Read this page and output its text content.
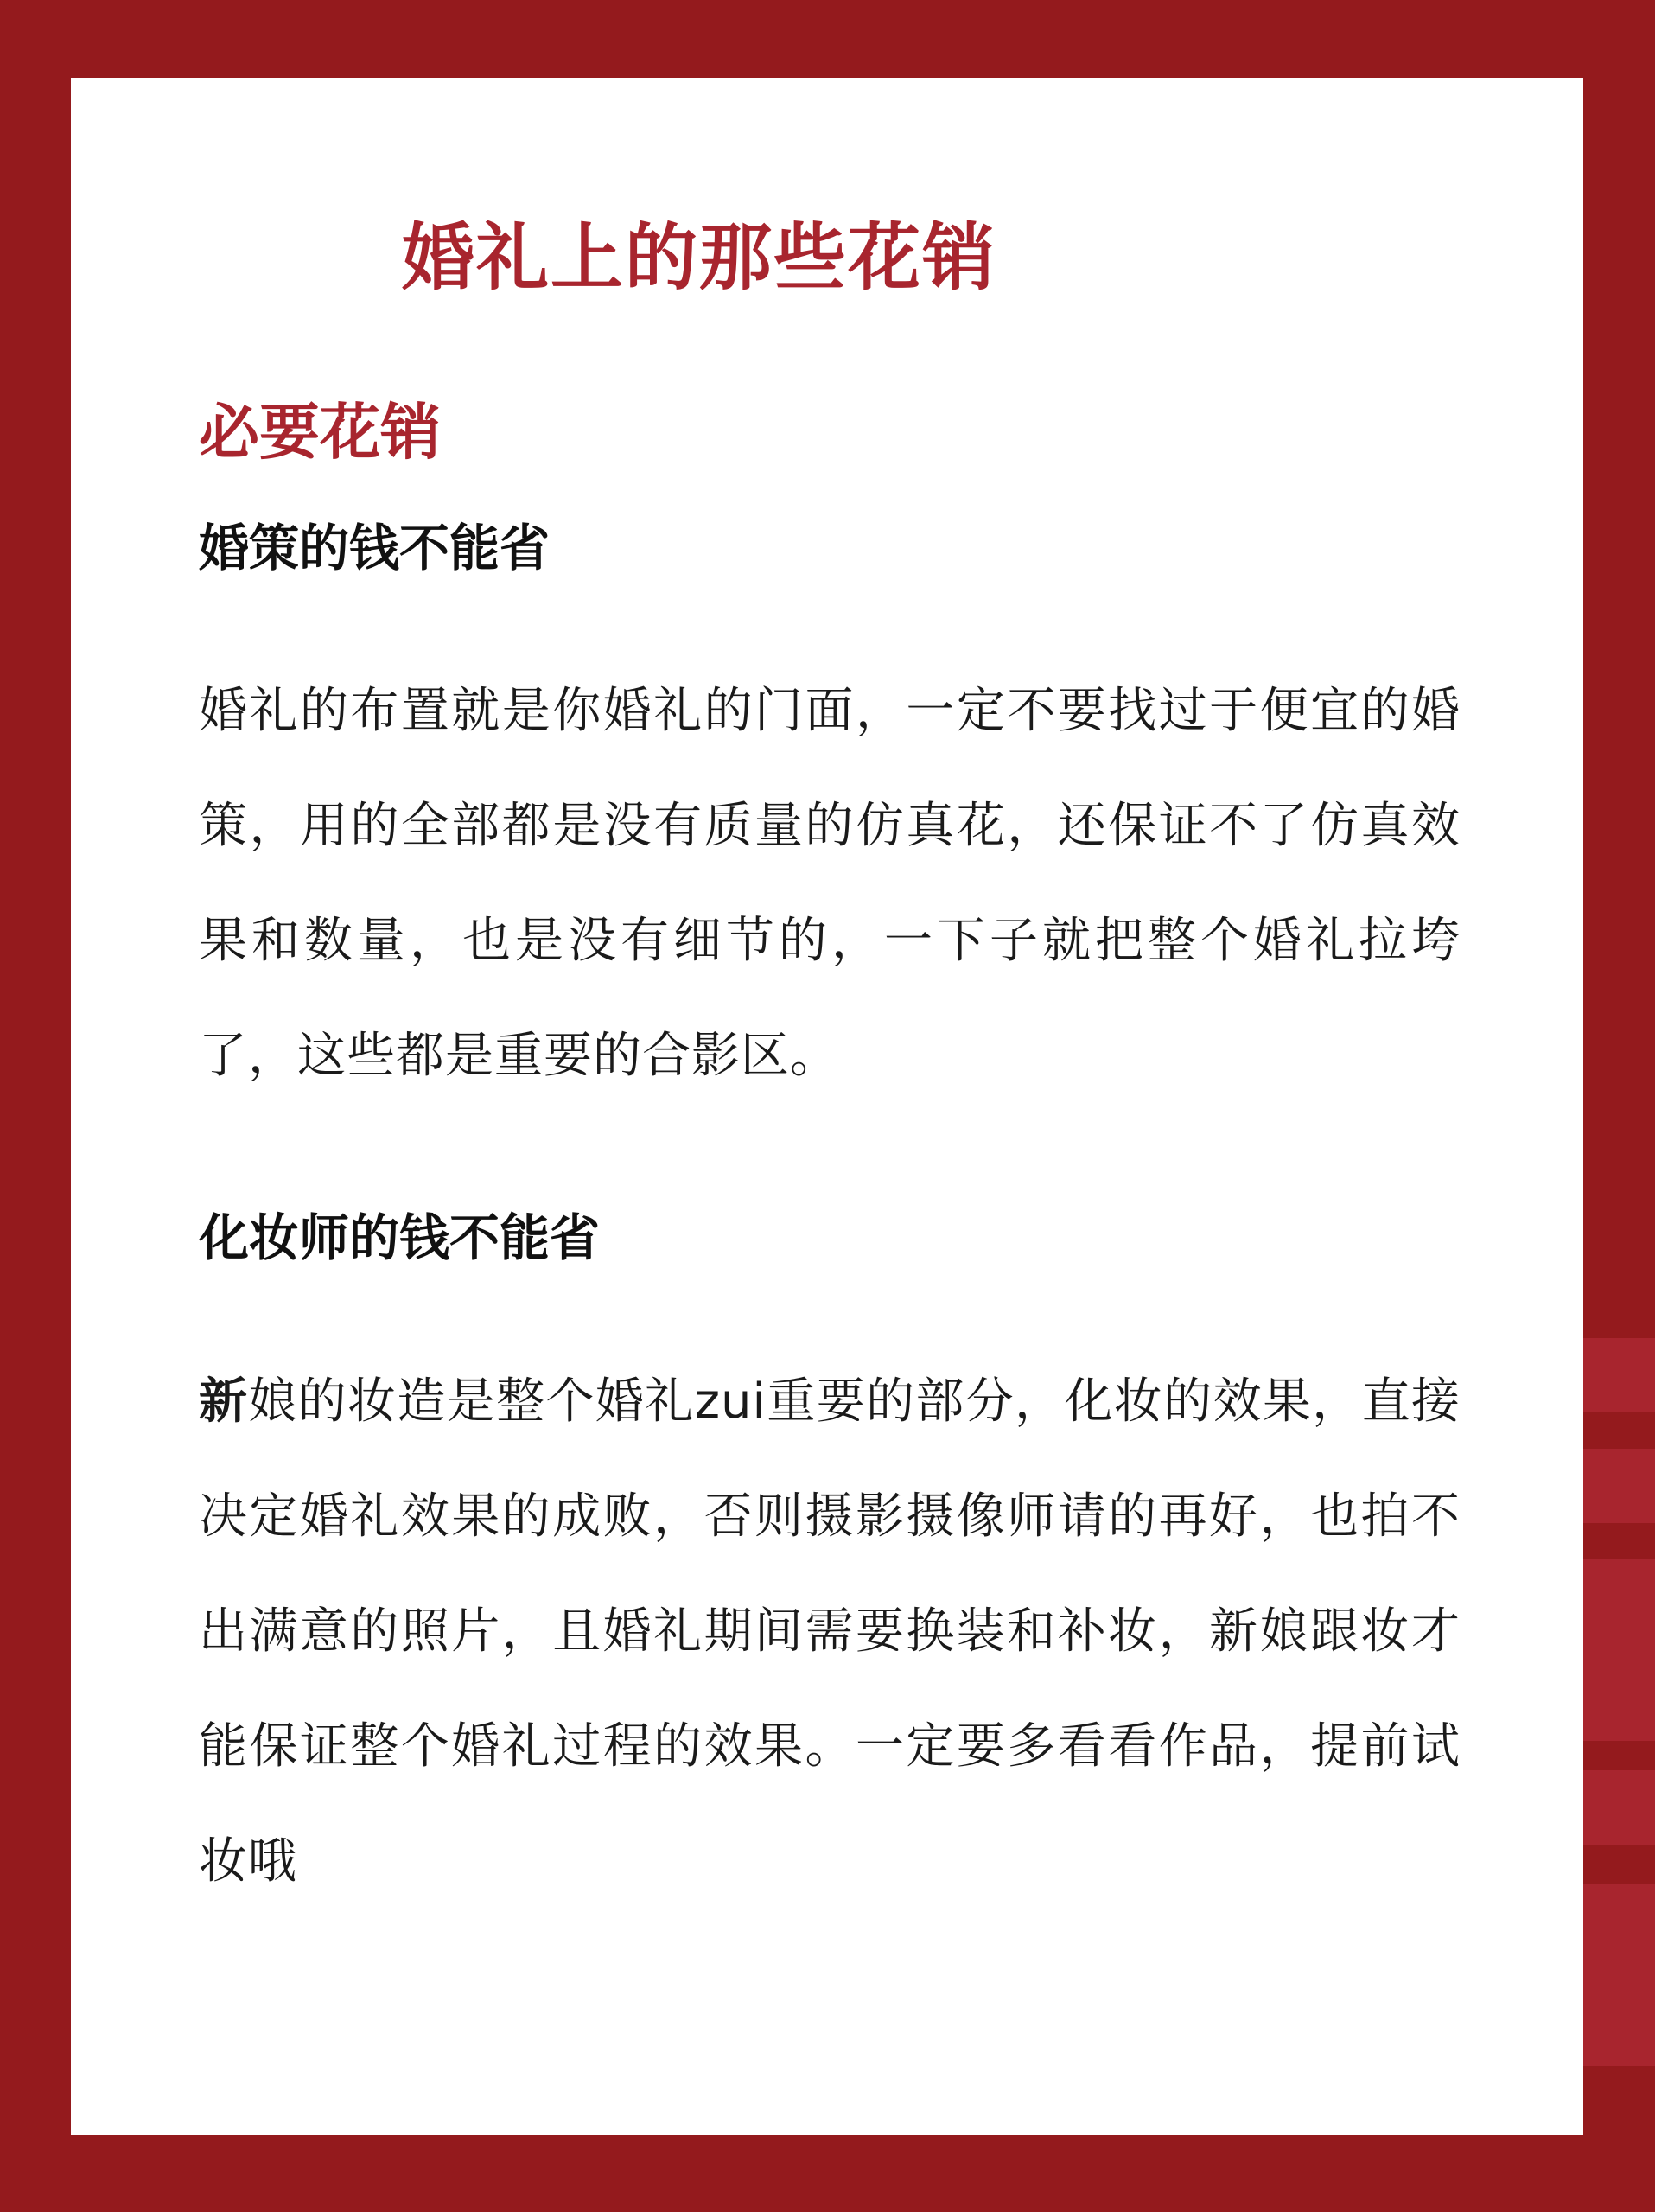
婚礼上的那些花销
必要花销
婚策的钱不能省

婚礼的布置就是你婚礼的门面，一定不要找过于便宜的婚策，用的全部都是没有质量的仿真花，还保证不了仿真效果和数量，也是没有细节的，一下子就把整个婚礼拉垮了，这些都是重要的合影区。

化妆师的钱不能省

新娘的妆造是整个婚礼zui重要的部分，化妆的效果，直接决定婚礼效果的成败，否则摄影摄像师请的再好，也拍不出满意的照片，且婚礼期间需要换装和补妆，新娘跟妆才能保证整个婚礼过程的效果。一定要多看看作品，提前试妆哦
